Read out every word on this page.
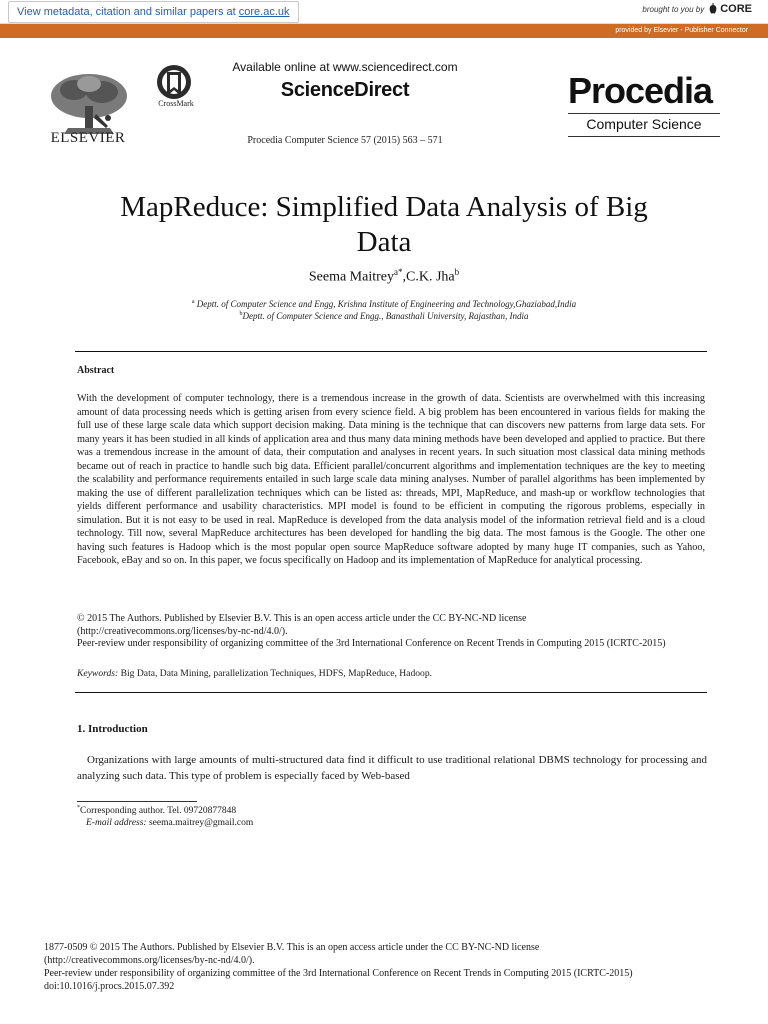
View metadata, citation and similar papers at core.ac.uk	brought to you by CORE
provided by Elsevier - Publisher Connector
ELSEVIER
CrossMark
Available online at www.sciencedirect.com
ScienceDirect
Procedia Computer Science 57 (2015) 563 – 571
Procedia
Computer Science
MapReduce: Simplified Data Analysis of Big
Data
Seema Maitrey$^{a*}$,C.K. Jha$^b$
$^a$ Deptt. of Computer Science and Engg, Krishna Institute of Engineering and Technology,Ghaziabad,India
$^b$Deptt. of Computer Science and Engg., Banasthali University, Rajasthan, India
Abstract
With the development of computer technology, there is a tremendous increase in the growth of data. Scientists are overwhelmed with this increasing amount of data processing needs which is getting arisen from every science field. A big problem has been encountered in various fields for making the full use of these large scale data which support decision making. Data mining is the technique that can discovers new patterns from large data sets. For many years it has been studied in all kinds of application area and thus many data mining methods have been developed and applied to practice. But there was a tremendous increase in the amount of data, their computation and analyses in recent years. In such situation most classical data mining methods became out of reach in practice to handle such big data. Efficient parallel/concurrent algorithms and implementation techniques are the key to meeting the scalability and performance requirements entailed in such large scale data mining analyses. Number of parallel algorithms has been implemented by making the use of different parallelization techniques which can be listed as: threads, MPI, MapReduce, and mash-up or workflow technologies that yields different performance and usability characteristics. MPI model is found to be efficient in computing the rigorous problems, especially in simulation. But it is not easy to be used in real. MapReduce is developed from the data analysis model of the information retrieval field and is a cloud technology. Till now, several MapReduce architectures has been developed for handling the big data. The most famous is the Google. The other one having such features is Hadoop which is the most popular open source MapReduce software adopted by many huge IT companies, such as Yahoo, Facebook, eBay and so on. In this paper, we focus specifically on Hadoop and its implementation of MapReduce for analytical processing.
© 2015 The Authors. Published by Elsevier B.V. This is an open access article under the CC BY-NC-ND license
(http://creativecommons.org/licenses/by-nc-nd/4.0/).
Peer-review under responsibility of organizing committee of the 3rd International Conference on Recent Trends in Computing 2015 (ICRTC-2015)
Keywords: Big Data, Data Mining, parallelization Techniques, HDFS, MapReduce, Hadoop.
1. Introduction
Organizations with large amounts of multi-structured data find it difficult to use traditional relational DBMS technology for processing and analyzing such data. This type of problem is especially faced by Web-based
*Corresponding author. Tel. 09720877848
E-mail address: seema.maitrey@gmail.com
1877-0509 © 2015 The Authors. Published by Elsevier B.V. This is an open access article under the CC BY-NC-ND license
(http://creativecommons.org/licenses/by-nc-nd/4.0/).
Peer-review under responsibility of organizing committee of the 3rd International Conference on Recent Trends in Computing 2015 (ICRTC-2015)
doi:10.1016/j.procs.2015.07.392
